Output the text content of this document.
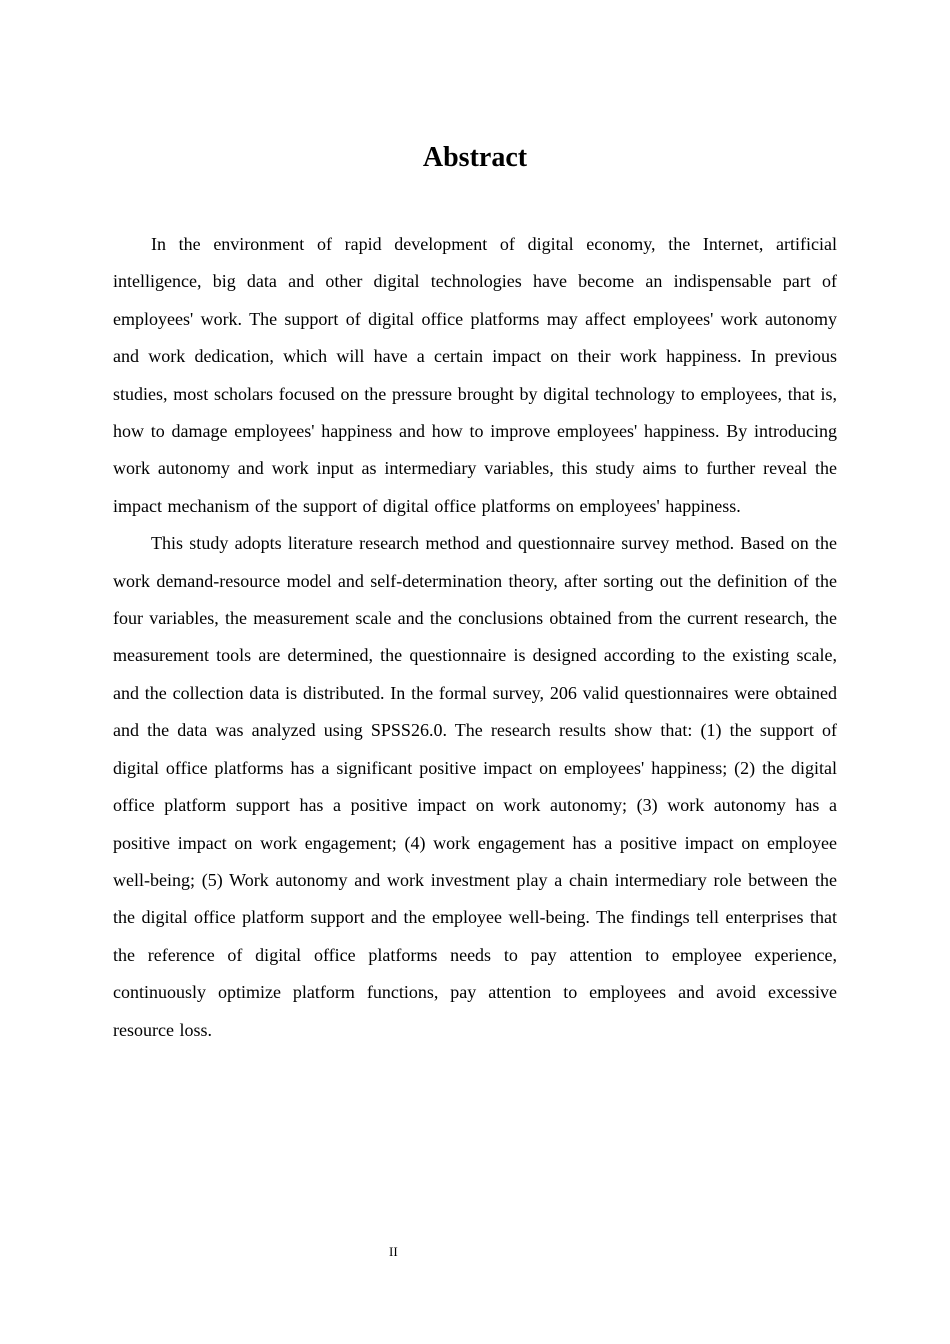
Abstract

In the environment of rapid development of digital economy, the Internet, artificial intelligence, big data and other digital technologies have become an indispensable part of employees' work. The support of digital office platforms may affect employees' work autonomy and work dedication, which will have a certain impact on their work happiness. In previous studies, most scholars focused on the pressure brought by digital technology to employees, that is, how to damage employees' happiness and how to improve employees' happiness. By introducing work autonomy and work input as intermediary variables, this study aims to further reveal the impact mechanism of the support of digital office platforms on employees' happiness.

This study adopts literature research method and questionnaire survey method. Based on the work demand-resource model and self-determination theory, after sorting out the definition of the four variables, the measurement scale and the conclusions obtained from the current research, the measurement tools are determined, the questionnaire is designed according to the existing scale, and the collection data is distributed. In the formal survey, 206 valid questionnaires were obtained and the data was analyzed using SPSS26.0. The research results show that: (1) the support of digital office platforms has a significant positive impact on employees' happiness; (2) the digital office platform support has a positive impact on work autonomy; (3) work autonomy has a positive impact on work engagement; (4) work engagement has a positive impact on employee well-being; (5) Work autonomy and work investment play a chain intermediary role between the the digital office platform support and the employee well-being. The findings tell enterprises that the reference of digital office platforms needs to pay attention to employee experience, continuously optimize platform functions, pay attention to employees and avoid excessive resource loss.

II
